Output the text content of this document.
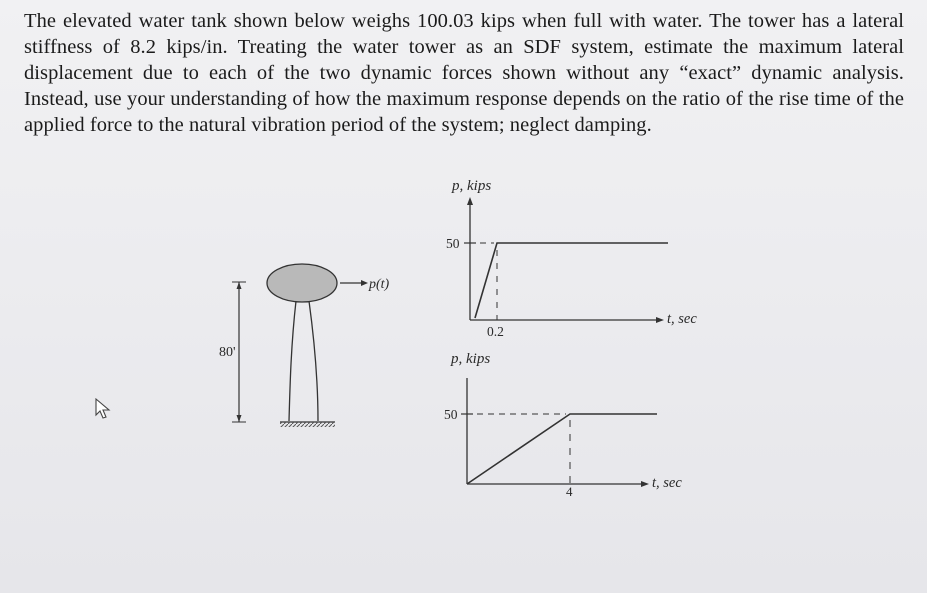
The elevated water tank shown below weighs 100.03 kips when full with water. The tower has a lateral stiffness of 8.2 kips/in. Treating the water tower as an SDF system, estimate the maximum lateral displacement due to each of the two dynamic forces shown without any “exact” dynamic analysis. Instead, use your understanding of how the maximum response depends on the ratio of the rise time of the applied force to the natural vibration period of the system; neglect damping.
80'
p(t)
p, kips
50
0.2
t, sec
p, kips
50
4
t, sec
